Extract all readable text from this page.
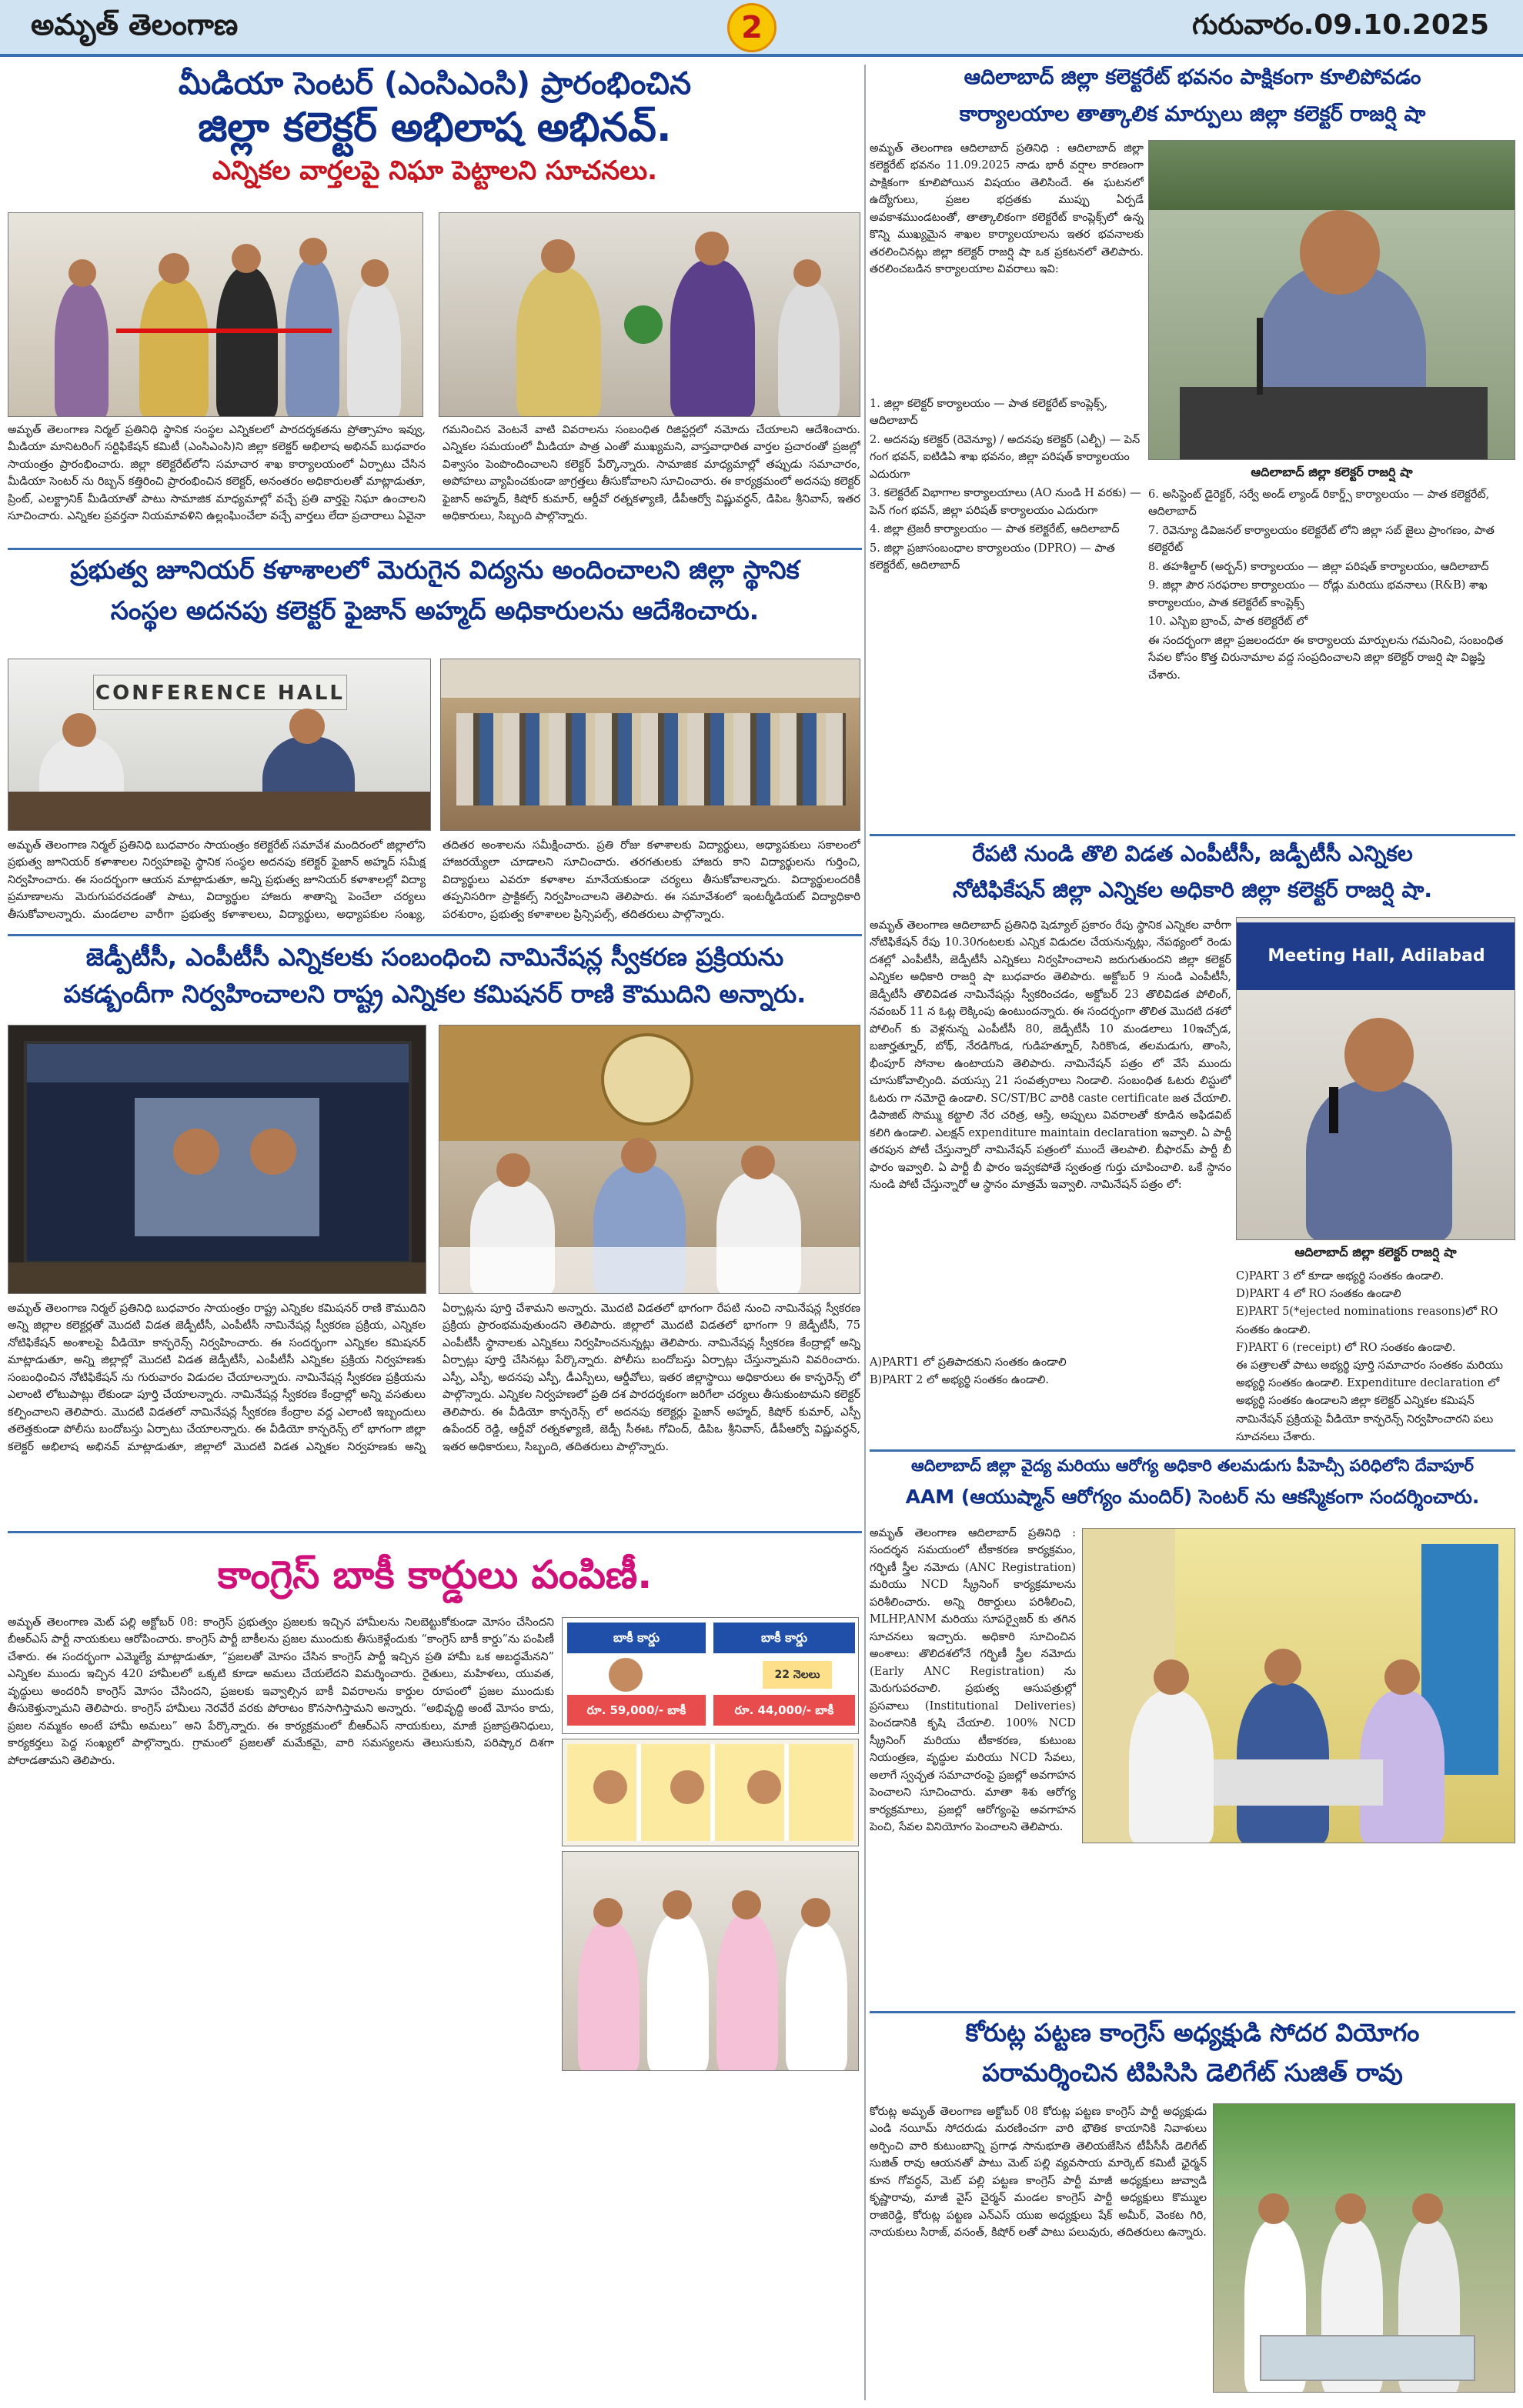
అమృత్ తెలంగాణ	2	గురువారం.09.10.2025
మీడియా సెంటర్ (ఎంసిఎంసి) ప్రారంభించిన
జిల్లా కలెక్టర్ అభిలాష అభినవ్.
ఎన్నికల వార్తలపై నిఘా పెట్టాలని సూచనలు.
అమృత్ తెలంగాణ నిర్మల్ ప్రతినిధి స్థానిక సంస్థల ఎన్నికలలో పారదర్శకతను ప్రోత్సాహం ఇవ్వు, మీడియా మానిటరింగ్ సర్టిఫికేషన్ కమిటీ (ఎంసిఎంసి)ని జిల్లా కలెక్టర్ అభిలాష అభినవ్ బుధవారం సాయంత్రం ప్రారంభించారు. జిల్లా కలెక్టరేట్‌లోని సమాచార శాఖ కార్యాలయంలో ఏర్పాటు చేసిన మీడియా సెంటర్ ను రిబ్బన్ కత్తిరించి ప్రారంభించిన కలెక్టర్, అనంతరం అధికారులతో మాట్లాడుతూ, ప్రింట్, ఎలక్ట్రానిక్ మీడియాతో పాటు సామాజిక మాధ్యమాల్లో వచ్చే ప్రతి వార్తపై నిఘా ఉంచాలని సూచించారు. ఎన్నికల ప్రవర్తనా నియమావళిని ఉల్లంఘించేలా వచ్చే వార్తలు లేదా ప్రచారాలు ఏవైనా గమనించిన వెంటనే వాటి వివరాలను సంబంధిత రిజిస్టర్లలో నమోదు చేయాలని ఆదేశించారు. ఎన్నికల సమయంలో మీడియా పాత్ర ఎంతో ముఖ్యమని, వాస్తవాధారిత వార్తల ప్రచారంతో ప్రజల్లో విశ్వాసం పెంపొందించాలని కలెక్టర్ పేర్కొన్నారు. సామాజిక మాధ్యమాల్లో తప్పుడు సమాచారం, అపోహలు వ్యాపించకుండా జాగ్రత్తలు తీసుకోవాలని సూచించారు. ఈ కార్యక్రమంలో అదనపు కలెక్టర్ ఫైజాన్ అహ్మద్, కిషోర్ కుమార్, ఆర్డీవో రత్నకళ్యాణి, డీపీఆర్వో విష్ణువర్ధన్, డిపిఒ శ్రీనివాస్, ఇతర అధికారులు, సిబ్బంది పాల్గొన్నారు.
ప్రభుత్వ జూనియర్ కళాశాలలో మెరుగైన విద్యను అందించాలని జిల్లా స్థానిక
సంస్థల అదనపు కలెక్టర్ ఫైజాన్ అహ్మద్ అధికారులను ఆదేశించారు.
CONFERENCE HALL
అమృత్ తెలంగాణ నిర్మల్ ప్రతినిధి బుధవారం సాయంత్రం కలెక్టరేట్ సమావేశ మందిరంలో జిల్లాలోని ప్రభుత్వ జూనియర్ కళాశాలల నిర్వహణపై స్థానిక సంస్థల అదనపు కలెక్టర్ ఫైజాన్ అహ్మద్ సమీక్ష నిర్వహించారు. ఈ సందర్భంగా ఆయన మాట్లాడుతూ, అన్ని ప్రభుత్వ జూనియర్ కళాశాలల్లో విద్యా ప్రమాణాలను మెరుగుపరచడంతో పాటు, విద్యార్థుల హాజరు శాతాన్ని పెంచేలా చర్యలు తీసుకోవాలన్నారు. మండలాల వారీగా ప్రభుత్వ కళాశాలలు, విద్యార్థులు, అధ్యాపకుల సంఖ్య, తదితర అంశాలను సమీక్షించారు. ప్రతి రోజు కళాశాలకు విద్యార్థులు, అధ్యాపకులు సకాలంలో హాజరయ్యేలా చూడాలని సూచించారు. తరగతులకు హాజరు కాని విద్యార్థులను గుర్తించి, విద్యార్థులు ఎవరూ కళాశాల మానేయకుండా చర్యలు తీసుకోవాలన్నారు. విద్యార్థులందరికీ తప్పనిసరిగా ప్రాక్టికల్స్ నిర్వహించాలని తెలిపారు. ఈ సమావేశంలో ఇంటర్మీడియట్ విద్యాధికారి పరశురాం, ప్రభుత్వ కళాశాలల ప్రిన్సిపల్స్, తదితరులు పాల్గొన్నారు.
జెడ్పీటీసీ, ఎంపీటీసీ ఎన్నికలకు సంబంధించి నామినేషన్ల స్వీకరణ ప్రక్రియను
పకడ్బందీగా నిర్వహించాలని రాష్ట్ర ఎన్నికల కమిషనర్ రాణి కౌముదిని అన్నారు.
అమృత్ తెలంగాణ నిర్మల్ ప్రతినిధి బుధవారం సాయంత్రం రాష్ట్ర ఎన్నికల కమిషనర్ రాణి కౌముదిని అన్ని జిల్లాల కలెక్టర్లతో మొదటి విడత జెడ్పీటీసీ, ఎంపీటీసీ నామినేషన్ల స్వీకరణ ప్రక్రియ, ఎన్నికల నోటిఫికేషన్ అంశాలపై వీడియో కాన్ఫరెన్స్ నిర్వహించారు. ఈ సందర్భంగా ఎన్నికల కమిషనర్ మాట్లాడుతూ, అన్ని జిల్లాల్లో మొదటి విడత జెడ్పీటీసీ, ఎంపీటీసీ ఎన్నికల ప్రక్రియ నిర్వహణకు సంబంధించిన నోటిఫికేషన్ ను గురువారం విడుదల చేయాలన్నారు. నామినేషన్ల స్వీకరణ ప్రక్రియను ఎలాంటి లోటుపాట్లు లేకుండా పూర్తి చేయాలన్నారు. నామినేషన్ల స్వీకరణ కేంద్రాల్లో అన్ని వసతులు కల్పించాలని తెలిపారు. మొదటి విడతలో నామినేషన్ల స్వీకరణ కేంద్రాల వద్ద ఎలాంటి ఇబ్బందులు తలెత్తకుండా పోలీసు బందోబస్తు ఏర్పాటు చేయాలన్నారు. ఈ వీడియో కాన్ఫరెన్స్ లో భాగంగా జిల్లా కలెక్టర్ అభిలాష అభినవ్ మాట్లాడుతూ, జిల్లాలో మొదటి విడత ఎన్నికల నిర్వహణకు అన్ని ఏర్పాట్లను పూర్తి చేశామని అన్నారు. మొదటి విడతలో భాగంగా రేపటి నుంచి నామినేషన్ల స్వీకరణ ప్రక్రియ ప్రారంభమవుతుందని తెలిపారు. జిల్లాలో మొదటి విడతలో భాగంగా 9 జెడ్పీటీసీ, 75 ఎంపీటీసీ స్థానాలకు ఎన్నికలు నిర్వహించనున్నట్లు తెలిపారు. నామినేషన్ల స్వీకరణ కేంద్రాల్లో అన్ని ఏర్పాట్లు పూర్తి చేసినట్లు పేర్కొన్నారు. పోలీసు బందోబస్తు ఏర్పాట్లు చేస్తున్నామని వివరించారు. ఎస్పీ, ఎస్పీ, అదనపు ఎస్పీ, డీఎస్పీలు, ఆర్డీవోలు, ఇతర జిల్లాస్థాయి అధికారులు ఈ కాన్ఫరెన్స్ లో పాల్గొన్నారు. ఎన్నికల నిర్వహణలో ప్రతి దశ పారదర్శకంగా జరిగేలా చర్యలు తీసుకుంటామని కలెక్టర్ తెలిపారు. ఈ వీడియో కాన్ఫరెన్స్ లో అదనపు కలెక్టర్లు ఫైజాన్ అహ్మద్, కిషోర్ కుమార్, ఎస్పీ ఉపేందర్ రెడ్డి, ఆర్డీవో రత్నకళ్యాణి, జెడ్పీ సీఈఓ గోవింద్, డిపిఒ శ్రీనివాస్, డీపీఆర్వో విష్ణువర్ధన్, ఇతర అధికారులు, సిబ్బంది, తదితరులు పాల్గొన్నారు.
కాంగ్రెస్ బాకీ కార్డులు పంపిణీ.
అమృత్ తెలంగాణ మెట్ పల్లి అక్టోబర్ 08: కాంగ్రెస్ ప్రభుత్వం ప్రజలకు ఇచ్చిన హామీలను నిలబెట్టుకోకుండా మోసం చేసిందని బీఆర్ఎస్ పార్టీ నాయకులు ఆరోపించారు. కాంగ్రెస్ పార్టీ బాకీలను ప్రజల ముందుకు తీసుకెళ్లేందుకు “కాంగ్రెస్ బాకీ కార్డు”ను పంపిణీ చేశారు. ఈ సందర్భంగా ఎమ్మెల్యే మాట్లాడుతూ, “ప్రజలతో మోసం చేసిన కాంగ్రెస్ పార్టీ ఇచ్చిన ప్రతి హామీ ఒక అబద్ధమేనని” ఎన్నికల ముందు ఇచ్చిన 420 హామీలలో ఒక్కటి కూడా అమలు చేయలేదని విమర్శించారు. రైతులు, మహిళలు, యువత, వృద్ధులు అందరినీ కాంగ్రెస్ మోసం చేసిందని, ప్రజలకు ఇవ్వాల్సిన బాకీ వివరాలను కార్డుల రూపంలో ప్రజల ముందుకు తీసుకెళ్తున్నామని తెలిపారు. కాంగ్రెస్ హామీలు నెరవేరే వరకు పోరాటం కొనసాగిస్తామని అన్నారు. “అభివృద్ధి అంటే మోసం కాదు, ప్రజల నమ్మకం అంటే హామీ అమలు” అని పేర్కొన్నారు. ఈ కార్యక్రమంలో బీఆర్ఎస్ నాయకులు, మాజీ ప్రజాప్రతినిధులు, కార్యకర్తలు పెద్ద సంఖ్యలో పాల్గొన్నారు. గ్రామంలో ప్రజలతో మమేకమై, వారి సమస్యలను తెలుసుకుని, పరిష్కార దిశగా పోరాడతామని తెలిపారు.
బాకీ కార్డు	బాకీ కార్డు
రూ. 59,000/- బాకీ	రూ. 44,000/- బాకీ
22 నెలలు
ఆదిలాబాద్ జిల్లా కలెక్టరేట్ భవనం పాక్షికంగా కూలిపోవడం
కార్యాలయాల తాత్కాలిక మార్పులు జిల్లా కలెక్టర్ రాజర్షి షా
అమృత్ తెలంగాణ ఆదిలాబాద్ ప్రతినిధి : ఆదిలాబాద్ జిల్లా కలెక్టరేట్ భవనం 11.09.2025 నాడు భారీ వర్షాల కారణంగా పాక్షికంగా కూలిపోయిన విషయం తెలిసిందే. ఈ ఘటనలో ఉద్యోగులు, ప్రజల భద్రతకు ముప్పు ఏర్పడే అవకాశముండటంతో, తాత్కాలికంగా కలెక్టరేట్ కాంప్లెక్స్‌లో ఉన్న కొన్ని ముఖ్యమైన శాఖల కార్యాలయాలను ఇతర భవనాలకు తరలించినట్లు జిల్లా కలెక్టర్ రాజర్షి షా ఒక ప్రకటనలో తెలిపారు. తరలించబడిన కార్యాలయాల వివరాలు ఇవి:
ఆదిలాబాద్ జిల్లా కలెక్టర్ రాజర్షి షా
1. జిల్లా కలెక్టర్ కార్యాలయం — పాత కలెక్టరేట్ కాంప్లెక్స్, ఆదిలాబాద్
2. అదనపు కలెక్టర్ (రెవెన్యూ) / అదనపు కలెక్టర్ (ఎల్బీ) — పెన్ గంగ భవన్, ఐటిడిఏ శాఖ భవనం, జిల్లా పరిషత్ కార్యాలయం ఎదురుగా
3. కలెక్టరేట్ విభాగాల కార్యాలయాలు (AO నుండి H వరకు) — పెన్ గంగ భవన్, జిల్లా పరిషత్ కార్యాలయం ఎదురుగా
4. జిల్లా ట్రెజరీ కార్యాలయం — పాత కలెక్టరేట్, ఆదిలాబాద్
5. జిల్లా ప్రజాసంబంధాల కార్యాలయం (DPRO) — పాత కలెక్టరేట్, ఆదిలాబాద్
6. అసిస్టెంట్ డైరెక్టర్, సర్వే అండ్ ల్యాండ్ రికార్డ్స్ కార్యాలయం — పాత కలెక్టరేట్, ఆదిలాబాద్
7. రెవెన్యూ డివిజనల్ కార్యాలయం కలెక్టరేట్ లోని జిల్లా సబ్ జైలు ప్రాంగణం, పాత కలెక్టరేట్
8. తహశీల్దార్ (అర్బన్) కార్యాలయం — జిల్లా పరిషత్ కార్యాలయం, ఆదిలాబాద్
9. జిల్లా పౌర సరఫరాల కార్యాలయం — రోడ్లు మరియు భవనాలు (R&B) శాఖ కార్యాలయం, పాత కలెక్టరేట్ కాంప్లెక్స్
10. ఎస్బిఐ బ్రాంచ్, పాత కలెక్టరేట్ లో
ఈ సందర్భంగా జిల్లా ప్రజలందరూ ఈ కార్యాలయ మార్పులను గమనించి, సంబంధిత సేవల కోసం కొత్త చిరునామాల వద్ద సంప్రదించాలని జిల్లా కలెక్టర్ రాజర్షి షా విజ్ఞప్తి చేశారు.
రేపటి నుండి తొలి విడత ఎంపీటీసీ, జడ్పీటీసీ ఎన్నికల
నోటిఫికేషన్ జిల్లా ఎన్నికల అధికారి జిల్లా కలెక్టర్ రాజర్షి షా.
అమృత్ తెలంగాణ ఆదిలాబాద్ ప్రతినిధి షెడ్యూల్ ప్రకారం రేపు స్థానిక ఎన్నికల వారీగా నోటిఫికేషన్ రేపు 10.30గంటలకు ఎన్నిక విడుదల చేయనున్నట్లు, నేపథ్యంలో రెండు దశల్లో ఎంపీటీసీ, జెడ్పీటీసీ ఎన్నికలు నిర్వహించాలని జరుగుతుందని జిల్లా కలెక్టర్ ఎన్నికల అధికారి రాజర్షి షా బుధవారం తెలిపారు. అక్టోబర్ 9 నుండి ఎంపీటీసీ, జెడ్పీటీసీ తొలివిడత నామినేషన్లు స్వీకరించడం, అక్టోబర్ 23 తొలివిడత పోలింగ్, నవంబర్ 11 న ఓట్ల లెక్కింపు ఉంటుందన్నారు. ఈ సందర్భంగా తొలిత మొదటి దశలో పోలింగ్ కు వెళ్లనున్న ఎంపీటీసీ 80, జెడ్పీటీసీ 10 మండలాలు 10ఇచ్చోడ, బజార్హత్నూర్, బోథ్, నేరడిగొండ, గుడిహత్నూర్, సిరికొండ, తలమడుగు, తాంసి, భీంపూర్ సోనాల ఉంటాయని తెలిపారు. నామినేషన్ పత్రం లో వేసే ముందు చూసుకోవాల్సింది. వయస్సు 21 సంవత్సరాలు నిండాలి. సంబంధిత ఓటరు లిస్టులో ఓటరు గా నమోదై ఉండాలి. SC/ST/BC వారికి caste certificate జత చేయాలి. డిపాజిట్ సొమ్ము కట్టాలి నేర చరిత్ర, ఆస్తి, అప్పులు వివరాలతో కూడిన అఫిడవిట్ కలిగి ఉండాలి. ఎలక్షన్ expenditure maintain declaration ఇవ్వాలి. ఏ పార్టీ తరపున పోటీ చేస్తున్నారో నామినేషన్ పత్రంలో ముందే తెలపాలి. బీఫారమ్ పార్టీ బీ ఫారం ఇవ్వాలి. ఏ పార్టీ బీ ఫారం ఇవ్వకపోతే స్వతంత్ర గుర్తు చూపించాలి. ఒకే స్థానం నుండి పోటీ చేస్తున్నారో ఆ స్థానం మాత్రమే ఇవ్వాలి. నామినేషన్ పత్రం లో:
Meeting Hall, Adilabad
ఆదిలాబాద్ జిల్లా కలెక్టర్ రాజర్షి షా
A)PART1 లో ప్రతిపాదకుని సంతకం ఉండాలి
B)PART 2 లో అభ్యర్థి సంతకం ఉండాలి.
C)PART 3 లో కూడా అభ్యర్థి సంతకం ఉండాలి.
D)PART 4 లో RO సంతకం ఉండాలి
E)PART 5(*ejected nominations reasons)లో RO సంతకం ఉండాలి.
F)PART 6 (receipt) లో RO సంతకం ఉండాలి.
ఈ పత్రాలతో పాటు అభ్యర్థి పూర్తి సమాచారం సంతకం మరియు అభ్యర్థి సంతకం ఉండాలి. Expenditure declaration లో అభ్యర్థి సంతకం ఉండాలని జిల్లా కలెక్టర్ ఎన్నికల కమిషన్ నామినేషన్ ప్రక్రియపై వీడియో కాన్ఫరెన్స్ నిర్వహించారని పలు సూచనలు చేశారు.
ఆదిలాబాద్ జిల్లా వైద్య మరియు ఆరోగ్య అధికారి తలమడుగు పీహెచ్సీ పరిధిలోని దేవాపూర్
AAM (ఆయుష్మాన్ ఆరోగ్యం మందిర్) సెంటర్ ను ఆకస్మికంగా సందర్శించారు.
అమృత్ తెలంగాణ ఆదిలాబాద్ ప్రతినిధి : సందర్శన సమయంలో టీకాకరణ కార్యక్రమం, గర్భిణీ స్త్రీల నమోదు (ANC Registration) మరియు NCD స్క్రీనింగ్ కార్యక్రమాలను పరిశీలించారు. అన్ని రికార్డులు పరిశీలించి, MLHP,ANM మరియు సూపర్వైజర్ కు తగిన సూచనలు ఇచ్చారు. అధికారి సూచించిన అంశాలు: తొలిదశలోనే గర్భిణీ స్త్రీల నమోదు (Early ANC Registration) ను మెరుగుపరచాలి. ప్రభుత్వ ఆసుపత్రుల్లో ప్రసవాలు (Institutional Deliveries) పెంచడానికి కృషి చేయాలి. 100% NCD స్క్రీనింగ్ మరియు టీకాకరణ, కుటుంబ నియంత్రణ, వృద్ధుల మరియు NCD సేవలు, అలాగే స్వచ్ఛత సమాచారంపై ప్రజల్లో అవగాహన పెంచాలని సూచించారు. మాతా శిశు ఆరోగ్య కార్యక్రమాలు, ప్రజల్లో ఆరోగ్యంపై అవగాహన పెంచి, సేవల వినియోగం పెంచాలని తెలిపారు.
కోరుట్ల పట్టణ కాంగ్రెస్ అధ్యక్షుడి సోదర వియోగం
పరామర్శించిన టిపిసిసి డెలిగేట్ సుజిత్ రావు
కోరుట్ల అమృత్ తెలంగాణ అక్టోబర్ 08 కోరుట్ల పట్టణ కాంగ్రెస్ పార్టీ అధ్యక్షుడు ఎండి నయీమ్ సోదరుడు మరణించగా వారి భౌతిక కాయానికి నివాళులు అర్పించి వారి కుటుంబాన్ని ప్రగాఢ సానుభూతి తెలియజేసిన టీపీసీసీ డెలిగేట్ సుజిత్ రావు ఆయనతో పాటు మెట్ పల్లి వ్యవసాయ మార్కెట్ కమిటీ ఛైర్మన్ కూన గోవర్ధన్, మెట్ పల్లి పట్టణ కాంగ్రెస్ పార్టీ మాజీ అధ్యక్షులు జువ్వాడి కృష్ణారావు, మాజీ వైస్ చైర్మన్ మండల కాంగ్రెస్ పార్టీ అధ్యక్షులు కొమ్ముల రాజిరెడ్డి, కోరుట్ల పట్టణ ఎన్ఎస్ యుఐ అధ్యక్షులు షేక్ అమీర్, వెంకట గిరి, నాయకులు సిరాజ్, వసంత్, కిషోర్ లతో పాటు పలువురు, తదితరులు ఉన్నారు.
